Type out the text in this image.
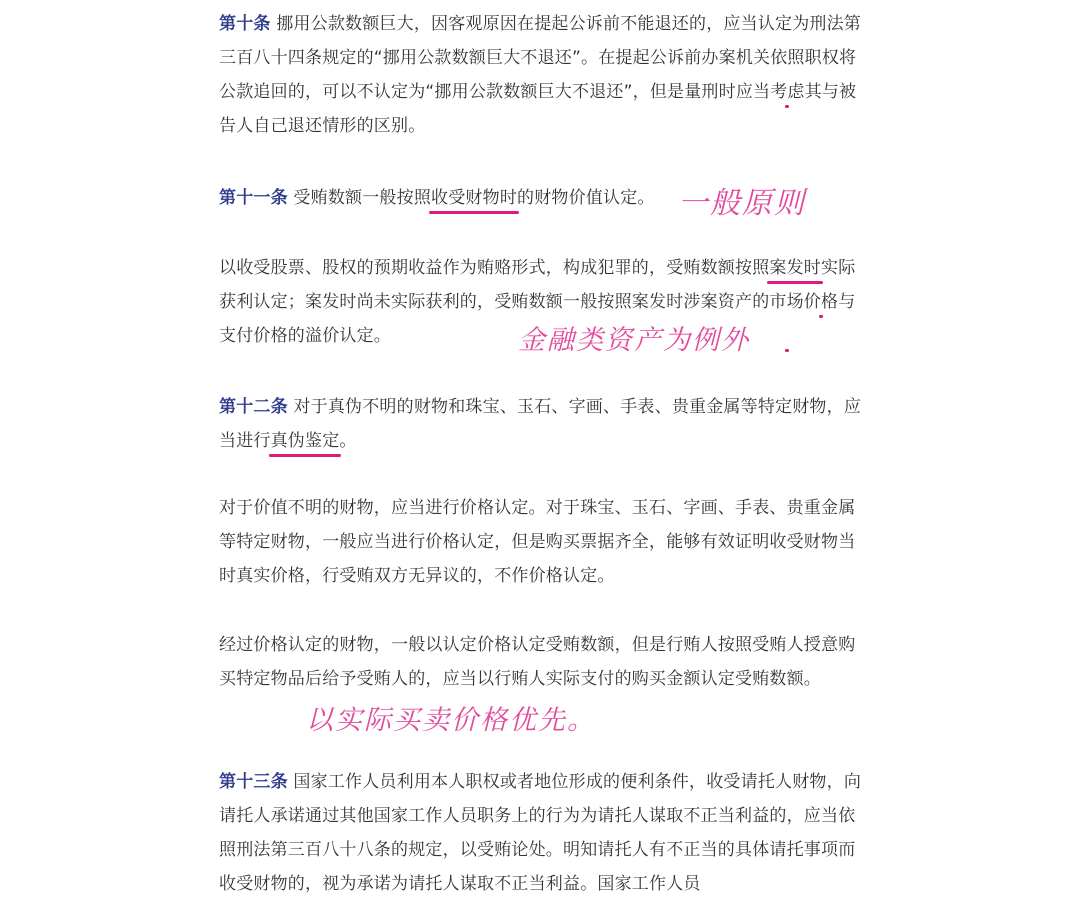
第十条 挪用公款数额巨大，因客观原因在提起公诉前不能退还的，应当认定为刑法第三百八十四条规定的“挪用公款数额巨大不退还”。在提起公诉前办案机关依照职权将公款追回的，可以不认定为“挪用公款数额巨大不退还”，但是量刑时应当考虑其与被告人自己退还情形的区别。

第十一条 受贿数额一般按照收受财物时的财物价值认定。

以收受股票、股权的预期收益作为贿赂形式，构成犯罪的，受贿数额按照案发时实际获利认定；案发时尚未实际获利的，受贿数额一般按照案发时涉案资产的市场价格与支付价格的溢价认定。

第十二条 对于真伪不明的财物和珠宝、玉石、字画、手表、贵重金属等特定财物，应当进行真伪鉴定。

对于价值不明的财物，应当进行价格认定。对于珠宝、玉石、字画、手表、贵重金属等特定财物，一般应当进行价格认定，但是购买票据齐全，能够有效证明收受财物当时真实价格，行受贿双方无异议的，不作价格认定。

经过价格认定的财物，一般以认定价格认定受贿数额，但是行贿人按照受贿人授意购买特定物品后给予受贿人的，应当以行贿人实际支付的购买金额认定受贿数额。

第十三条 国家工作人员利用本人职权或者地位形成的便利条件，收受请托人财物，向请托人承诺通过其他国家工作人员职务上的行为为请托人谋取不正当利益的，应当依照刑法第三百八十八条的规定，以受贿论处。明知请托人有不正当的具体请托事项而收受财物的，视为承诺为请托人谋取不正当利益。国家工作人员

一般原则
金融类资产为例外
以实际买卖价格优先。
